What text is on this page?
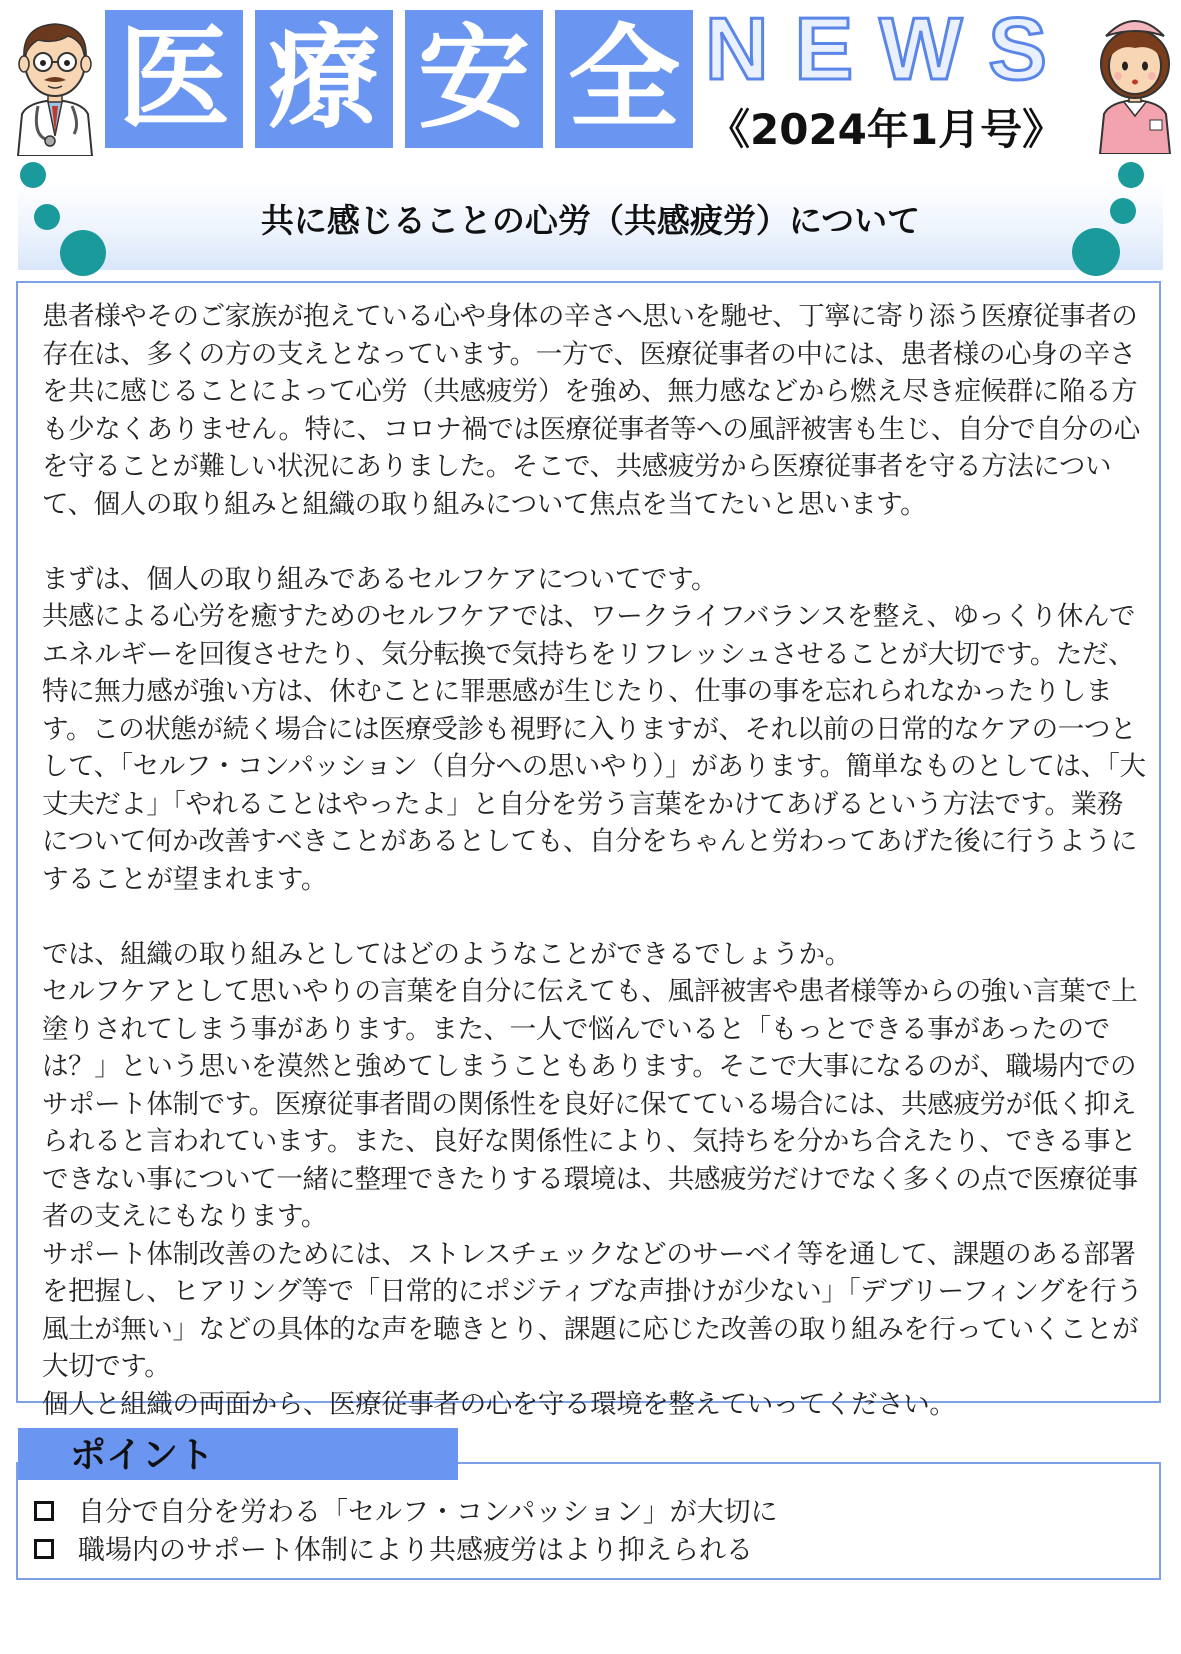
医 療 安 全 NEWS
《2024年1月号》
共に感じることの心労（共感疲労）について

患者様やそのご家族が抱えている心や身体の辛さへ思いを馳せ、丁寧に寄り添う医療従事者の存在は、多くの方の支えとなっています。一方で、医療従事者の中には、患者様の心身の辛さを共に感じることによって心労（共感疲労）を強め、無力感などから燃え尽き症候群に陥る方も少なくありません。特に、コロナ禍では医療従事者等への風評被害も生じ、自分で自分の心を守ることが難しい状況にありました。そこで、共感疲労から医療従事者を守る方法について、個人の取り組みと組織の取り組みについて焦点を当てたいと思います。

まずは、個人の取り組みであるセルフケアについてです。

共感による心労を癒すためのセルフケアでは、ワークライフバランスを整え、ゆっくり休んでエネルギーを回復させたり、気分転換で気持ちをリフレッシュさせることが大切です。ただ、特に無力感が強い方は、休むことに罪悪感が生じたり、仕事の事を忘れられなかったりします。この状態が続く場合には医療受診も視野に入りますが、それ以前の日常的なケアの一つとして、「セルフ・コンパッション（自分への思いやり）」があります。簡単なものとしては、「大丈夫だよ」「やれることはやったよ」と自分を労う言葉をかけてあげるという方法です。業務について何か改善すべきことがあるとしても、自分をちゃんと労わってあげた後に行うようにすることが望まれます。

では、組織の取り組みとしてはどのようなことができるでしょうか。

セルフケアとして思いやりの言葉を自分に伝えても、風評被害や患者様等からの強い言葉で上塗りされてしまう事があります。また、一人で悩んでいると「もっとできる事があったのでは？」という思いを漠然と強めてしまうこともあります。そこで大事になるのが、職場内でのサポート体制です。医療従事者間の関係性を良好に保てている場合には、共感疲労が低く抑えられると言われています。また、良好な関係性により、気持ちを分かち合えたり、できる事とできない事について一緒に整理できたりする環境は、共感疲労だけでなく多くの点で医療従事者の支えにもなります。

サポート体制改善のためには、ストレスチェックなどのサーベイ等を通して、課題のある部署を把握し、ヒアリング等で「日常的にポジティブな声掛けが少ない」「デブリーフィングを行う風土が無い」などの具体的な声を聴きとり、課題に応じた改善の取り組みを行っていくことが大切です。

個人と組織の両面から、医療従事者の心を守る環境を整えていってください。

ポイント
自分で自分を労わる「セルフ・コンパッション」が大切に
職場内のサポート体制により共感疲労はより抑えられる
